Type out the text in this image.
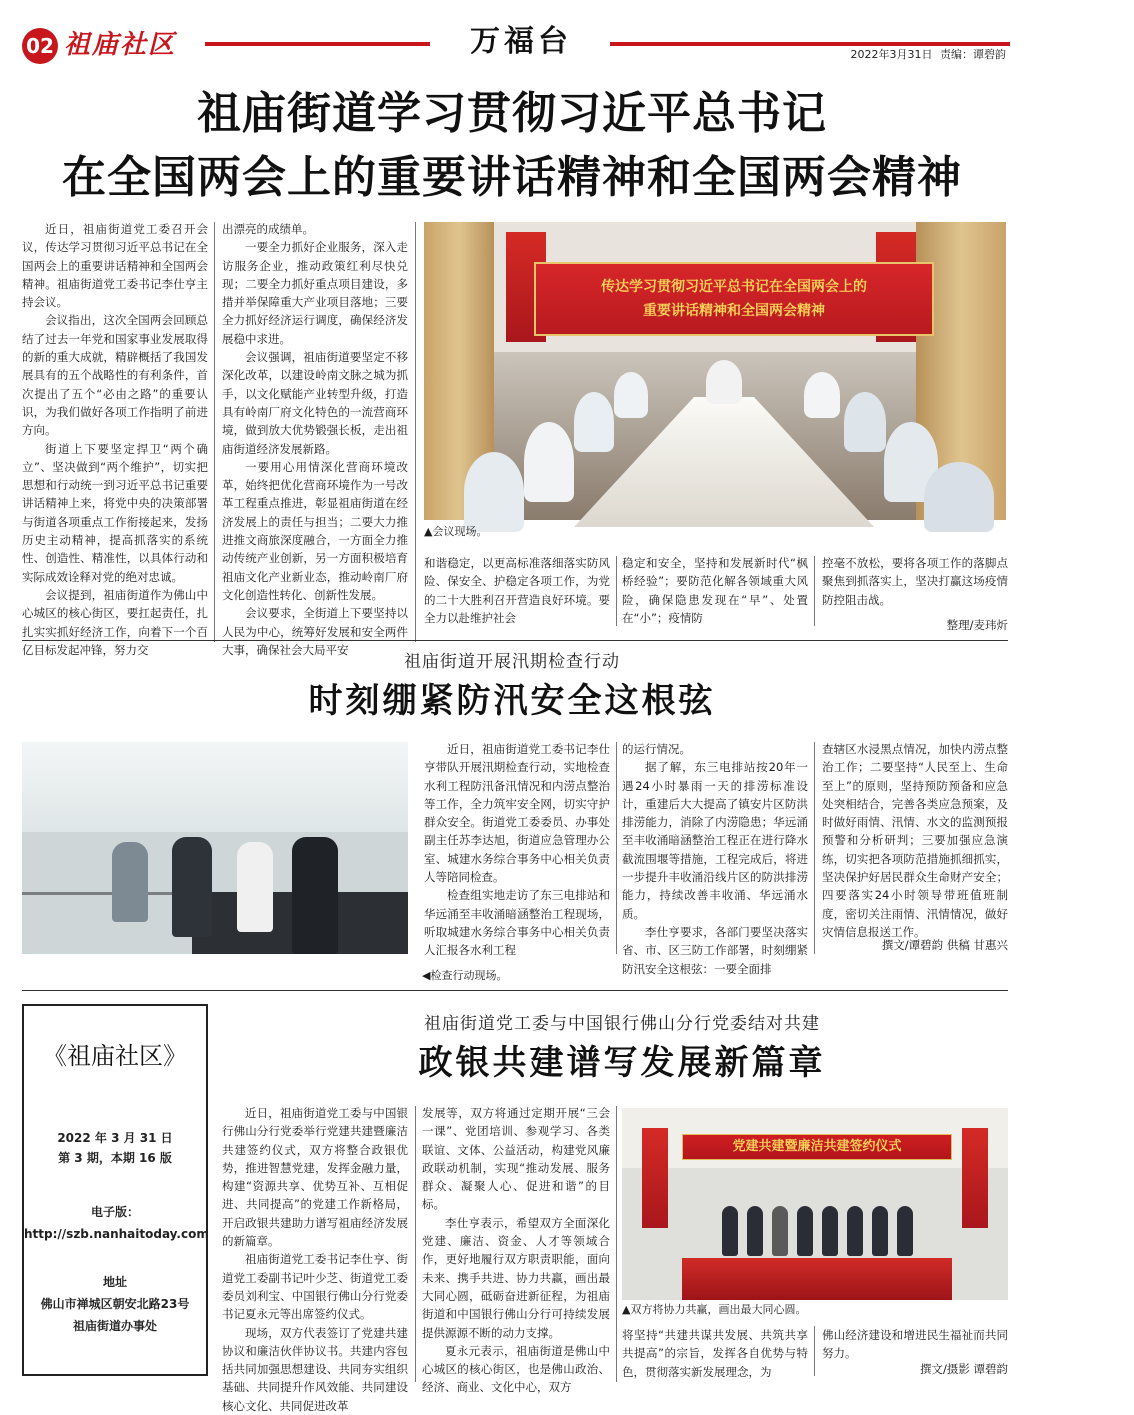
02 祖庙社区	万福台	2022年3月31日 责编：谭碧韵
祖庙街道学习贯彻习近平总书记
在全国两会上的重要讲话精神和全国两会精神

近日，祖庙街道党工委召开会议，传达学习贯彻习近平总书记在全国两会上的重要讲话精神和全国两会精神。祖庙街道党工委书记李仕亨主持会议。

会议指出，这次全国两会回顾总结了过去一年党和国家事业发展取得的新的重大成就，精辟概括了我国发展具有的五个战略性的有利条件，首次提出了五个“必由之路”的重要认识，为我们做好各项工作指明了前进方向。

街道上下要坚定捍卫“两个确立”、坚决做到“两个维护”，切实把思想和行动统一到习近平总书记重要讲话精神上来，将党中央的决策部署与街道各项重点工作衔接起来，发扬历史主动精神，提高抓落实的系统性、创造性、精准性，以具体行动和实际成效诠释对党的绝对忠诚。

会议提到，祖庙街道作为佛山中心城区的核心街区，要扛起责任，扎扎实实抓好经济工作，向着下一个百亿目标发起冲锋，努力交

出漂亮的成绩单。

一要全力抓好企业服务，深入走访服务企业，推动政策红利尽快兑现；二要全力抓好重点项目建设，多措并举保障重大产业项目落地；三要全力抓好经济运行调度，确保经济发展稳中求进。

会议强调，祖庙街道要坚定不移深化改革，以建设岭南文脉之城为抓手，以文化赋能产业转型升级，打造具有岭南厂府文化特色的一流营商环境，做到放大优势锻强长板，走出祖庙街道经济发展新路。

一要用心用情深化营商环境改革，始终把优化营商环境作为一号改革工程重点推进，彰显祖庙街道在经济发展上的责任与担当；二要大力推进推文商旅深度融合，一方面全力推动传统产业创新，另一方面积极培育祖庙文化产业新业态，推动岭南厂府文化创造性转化、创新性发展。

会议要求，全街道上下要坚持以人民为中心，统筹好发展和安全两件大事，确保社会大局平安

传达学习贯彻习近平总书记在全国两会上的
重要讲话精神和全国两会精神
▲会议现场。

和谐稳定，以更高标准落细落实防风险、保安全、护稳定各项工作，为党的二十大胜利召开营造良好环境。要全力以赴维护社会

稳定和安全，坚持和发展新时代“枫桥经验”；要防范化解各领域重大风险，确保隐患发现在“早”、处置在“小”；疫情防

控毫不放松，要将各项工作的落脚点聚焦到抓落实上，坚决打赢这场疫情防控阻击战。

整理/麦玮炘
祖庙街道开展汛期检查行动
时刻绷紧防汛安全这根弦
◀检查行动现场。

近日，祖庙街道党工委书记李仕亨带队开展汛期检查行动，实地检查水利工程防汛备汛情况和内涝点整治等工作，全力筑牢安全网，切实守护群众安全。街道党工委委员、办事处副主任苏李达旭，街道应急管理办公室、城建水务综合事务中心相关负责人等陪同检查。

检查组实地走访了东三电排站和华远涌至丰收涌暗涵整治工程现场，听取城建水务综合事务中心相关负责人汇报各水利工程

的运行情况。

据了解，东三电排站按20年一遇24小时暴雨一天的排涝标准设计，重建后大大提高了镇安片区防洪排涝能力，消除了内涝隐患；华远涌至丰收涌暗涵整治工程正在进行降水截流围堰等措施，工程完成后，将进一步提升丰收涌沿线片区的防洪排涝能力，持续改善丰收涌、华远涌水质。

李仕亨要求，各部门要坚决落实省、市、区三防工作部署，时刻绷紧防汛安全这根弦：一要全面排

查辖区水浸黑点情况，加快内涝点整治工作；二要坚持“人民至上、生命至上”的原则，坚持预防预备和应急处突相结合，完善各类应急预案，及时做好雨情、汛情、水文的监测预报预警和分析研判；三要加强应急演练，切实把各项防范措施抓细抓实，坚决保护好居民群众生命财产安全；四要落实24小时领导带班值班制度，密切关注雨情、汛情情况，做好灾情信息报送工作。

撰文/谭碧韵 供稿 甘惠兴
《祖庙社区》
2022 年 3 月 31 日
第 3 期，本期 16 版
电子版：
http://szb.nanhaitoday.com
地址
佛山市禅城区朝安北路23号
祖庙街道办事处
祖庙街道党工委与中国银行佛山分行党委结对共建
政银共建谱写发展新篇章

近日，祖庙街道党工委与中国银行佛山分行党委举行党建共建暨廉洁共建签约仪式，双方将整合政银优势，推进智慧党建，发挥金融力量，构建“资源共享、优势互补、互相促进、共同提高”的党建工作新格局，开启政银共建助力谱写祖庙经济发展的新篇章。

祖庙街道党工委书记李仕亨、街道党工委副书记叶少芝、街道党工委委员刘利宝、中国银行佛山分行党委书记夏永元等出席签约仪式。

现场，双方代表签订了党建共建协议和廉洁伙伴协议书。共建内容包括共同加强思想建设、共同夯实组织基础、共同提升作风效能、共同建设核心文化、共同促进改革

发展等，双方将通过定期开展“三会一课”、党团培训、参观学习、各类联谊、文体、公益活动，构建党风廉政联动机制，实现“推动发展、服务群众、凝聚人心、促进和谐”的目标。

李仕亨表示，希望双方全面深化党建、廉洁、资金、人才等领域合作，更好地履行双方职责职能，面向未来、携手共进、协力共赢，画出最大同心圆，砥砺奋进新征程，为祖庙街道和中国银行佛山分行可持续发展提供源源不断的动力支撑。

夏永元表示，祖庙街道是佛山中心城区的核心街区，也是佛山政治、经济、商业、文化中心，双方

党建共建暨廉洁共建签约仪式
▲双方将协力共赢，画出最大同心圆。

将坚持“共建共谋共发展、共筑共享共提高”的宗旨，发挥各自优势与特色，贯彻落实新发展理念，为

佛山经济建设和增进民生福祉而共同努力。

撰文/摄影 谭碧韵
